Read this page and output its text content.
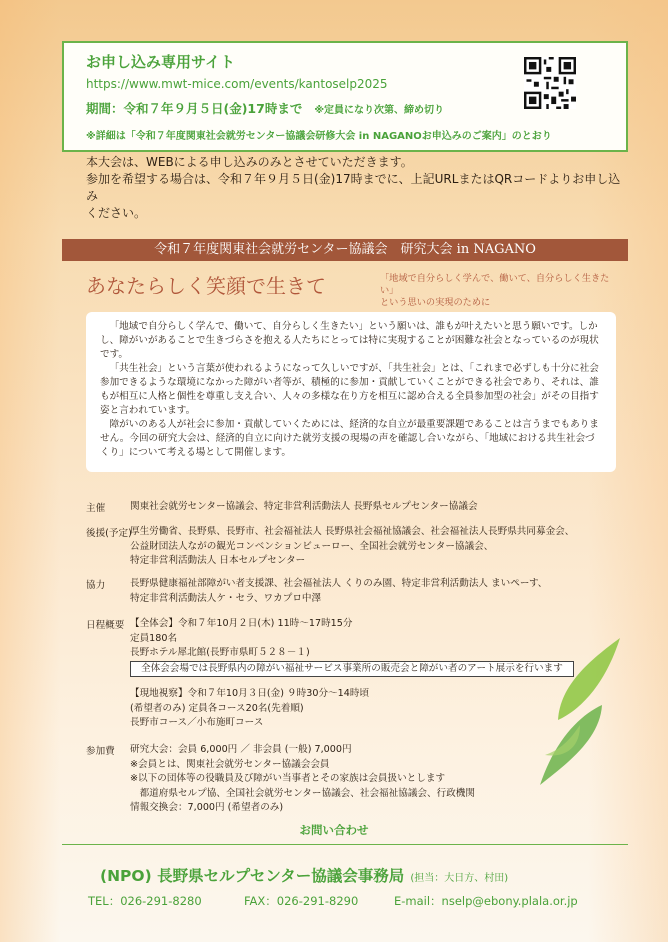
お申し込み専用サイト
https://www.mwt-mice.com/events/kantoselp2025
期間：令和７年９月５日(金)17時まで ※定員になり次第、締め切り
※詳細は「令和７年度関東社会就労センター協議会研修大会 in NAGANOお申込みのご案内」のとおり
本大会は、WEBによる申し込みのみとさせていただきます。
参加を希望する場合は、令和７年９月５日(金)17時までに、上記URLまたはQRコードよりお申し込み
ください。
令和７年度関東社会就労センター協議会　研究大会 in NAGANO
あなたらしく笑顔で生きて	「地域で自分らしく学んで、働いて、自分らしく生きたい」
という思いの実現のために

「地域で自分らしく学んで、働いて、自分らしく生きたい」という願いは、誰もが叶えたいと思う願いです。しかし、障がいがあることで生きづらさを抱える人たちにとっては特に実現することが困難な社会となっているのが現状です。

「共生社会」という言葉が使われるようになって久しいですが、「共生社会」とは、「これまで必ずしも十分に社会参加できるような環境になかった障がい者等が、積極的に参加・貢献していくことができる社会であり、それは、誰もが相互に人格と個性を尊重し支え合い、人々の多様な在り方を相互に認め合える全員参加型の社会」がその目指す姿と言われています。

障がいのある人が社会に参加・貢献していくためには、経済的な自立が最重要課題であることは言うまでもありません。今回の研究大会は、経済的自立に向けた就労支援の現場の声を確認し合いながら、「地域における共生社会づくり」について考える場として開催します。

主催	関東社会就労センター協議会、特定非営利活動法人 長野県セルプセンター協議会
後援(予定)
厚生労働省、長野県、長野市、社会福祉法人 長野県社会福祉協議会、社会福祉法人長野県共同募金会、
公益財団法人ながの観光コンベンションビューロー、全国社会就労センター協議会、
特定非営利活動法人 日本セルプセンター
協力	長野県健康福祉部障がい者支援課、社会福祉法人 くりのみ園、特定非営利活動法人 まいぺーす、
特定非営利活動法人ケ・セラ、ワカプロ中澤
日程概要 【全体会】令和７年10月２日(木) 11時～17時15分
定員180名
長野ホテル犀北館(長野市県町５２８－１)
全体会会場では長野県内の障がい福祉サービス事業所の販売会と障がい者のアート展示を行います
【現地視察】令和７年10月３日(金) ９時30分～14時頃
(希望者のみ) 定員各コース20名(先着順)
長野市コース／小布施町コース
参加費	研究大会：会員 6,000円 ／ 非会員 (一般) 7,000円
※会員とは、関東社会就労センター協議会会員
※以下の団体等の役職員及び障がい当事者とその家族は会員扱いとします
　都道府県セルプ協、全国社会就労センター協議会、社会福祉協議会、行政機関
情報交換会：7,000円 (希望者のみ)
お問い合わせ
(NPO) 長野県セルプセンター協議会事務局 (担当：大日方、村田)
TEL：026-291-8280	FAX：026-291-8290	E-mail：nselp@ebony.plala.or.jp
